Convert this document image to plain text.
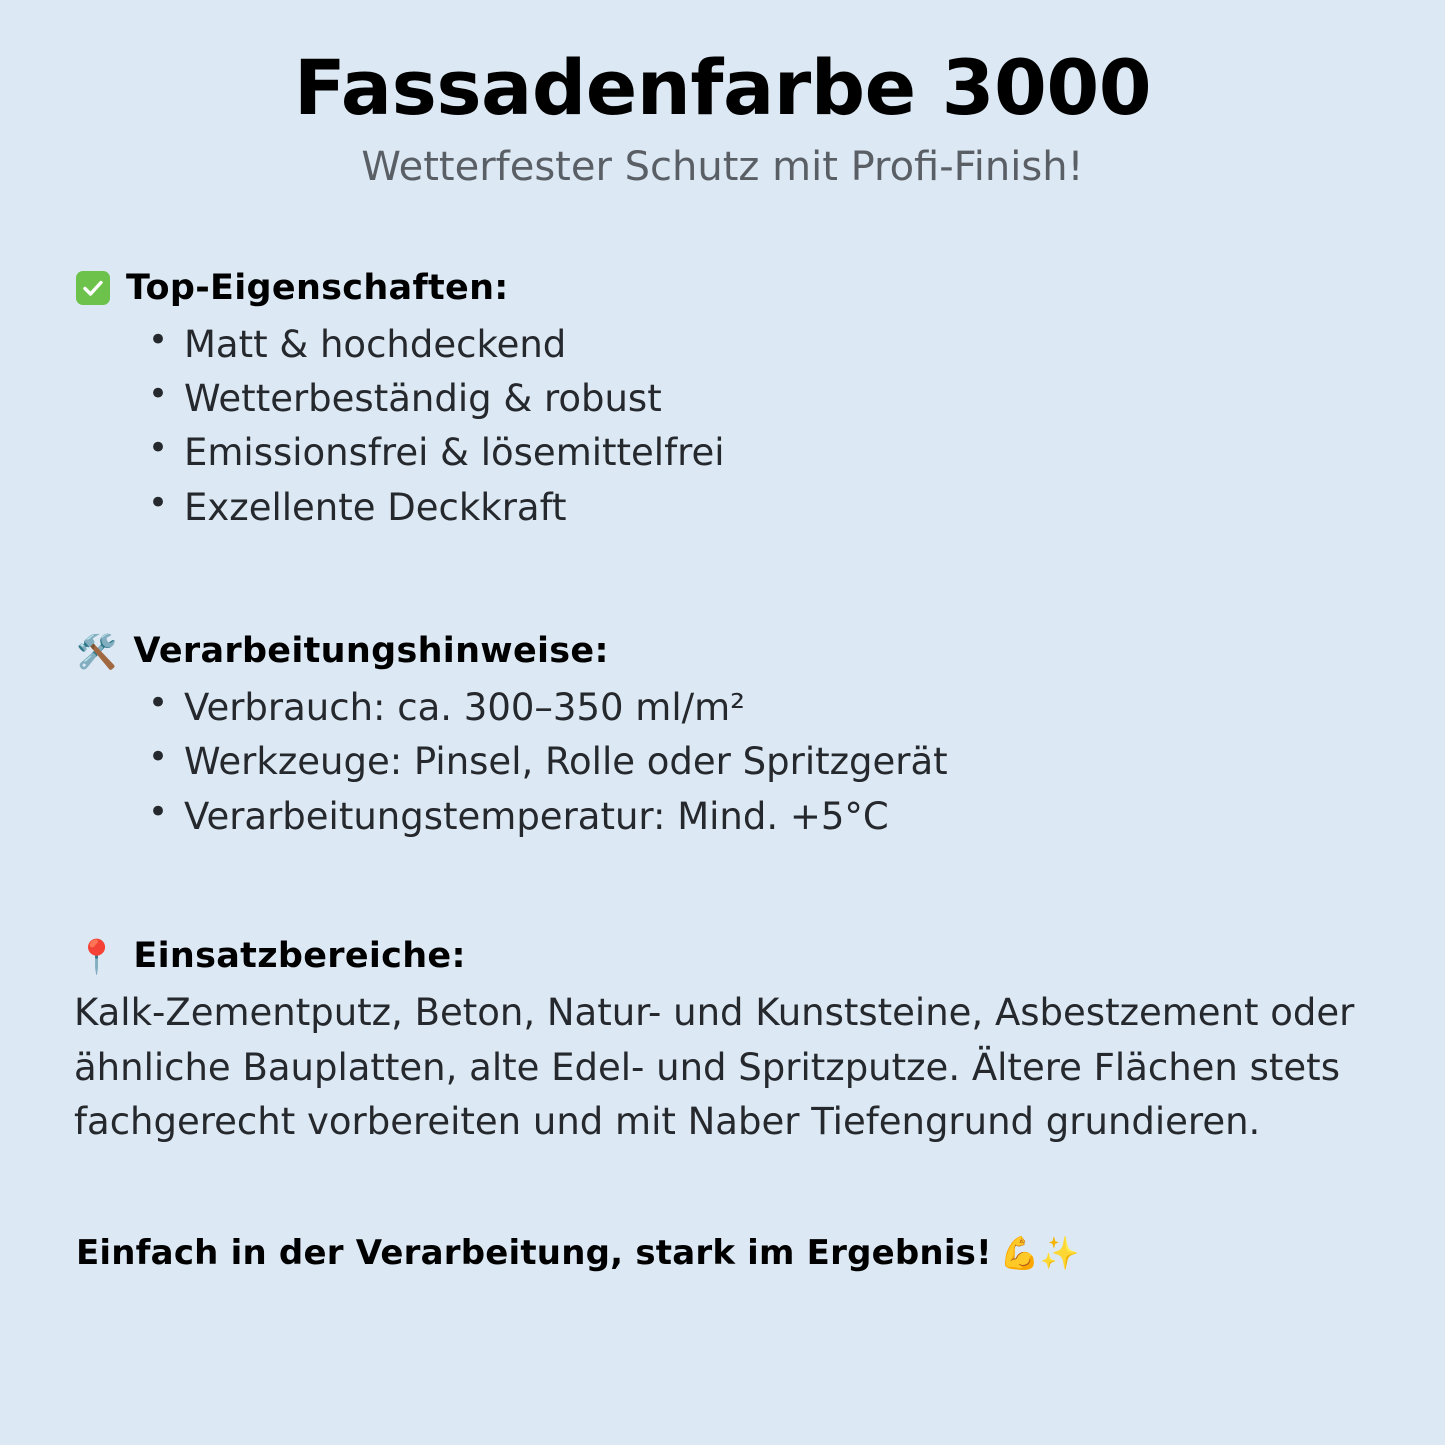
Fassadenfarbe 3000

Wetterfester Schutz mit Profi-Finish!

Top-Eigenschaften:
• Matt & hochdeckend
• Wetterbeständig & robust
• Emissionsfrei & lösemittelfrei
• Exzellente Deckkraft
🛠️ Verarbeitungshinweise:
• Verbrauch: ca. 300–350 ml/m²
• Werkzeuge: Pinsel, Rolle oder Spritzgerät
• Verarbeitungstemperatur: Mind. +5°C
📍 Einsatzbereiche:

Kalk-Zementputz, Beton, Natur- und Kunststeine, Asbestzement oder ähnliche Bauplatten, alte Edel- und Spritzputze. Ältere Flächen stets fachgerecht vorbereiten und mit Naber Tiefengrund grundieren.

Einfach in der Verarbeitung, stark im Ergebnis! 💪✨
